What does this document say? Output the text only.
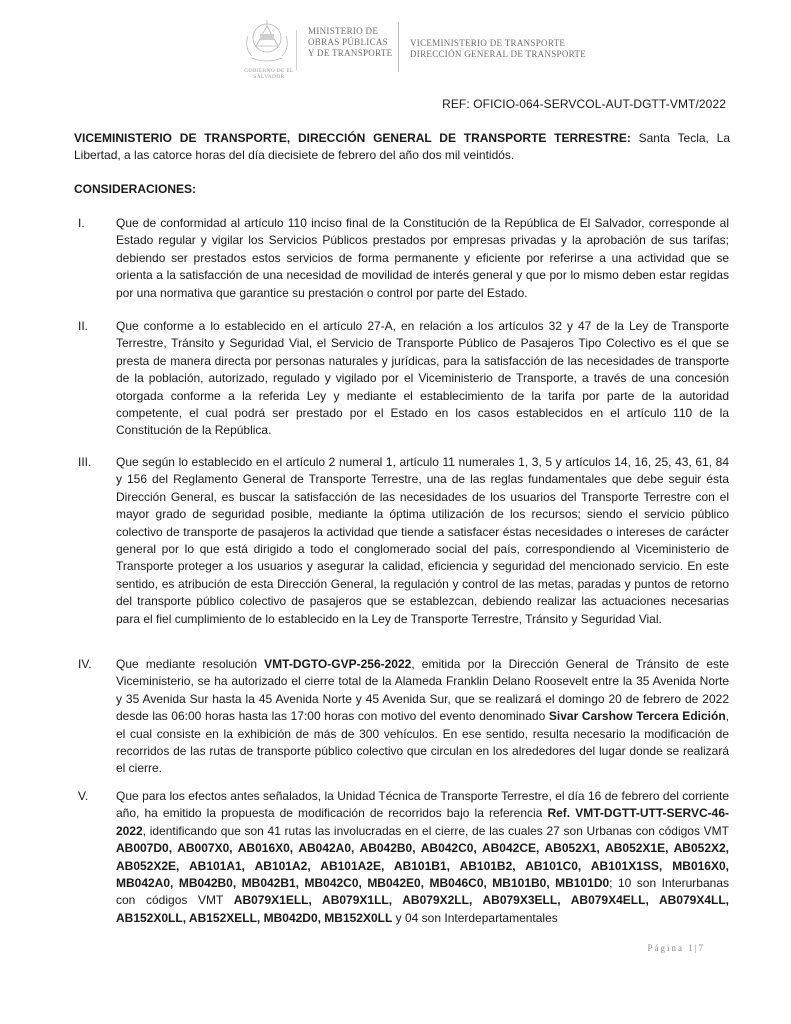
GOBIERNO DE EL SALVADOR
MINISTERIO DE
OBRAS PÚBLICAS
Y DE TRANSPORTE
VICEMINISTERIO DE TRANSPORTE
DIRECCIÓN GENERAL DE TRANSPORTE
REF: OFICIO-064-SERVCOL-AUT-DGTT-VMT/2022
VICEMINISTERIO DE TRANSPORTE, DIRECCIÓN GENERAL DE TRANSPORTE TERRESTRE: Santa Tecla, La Libertad, a las catorce horas del día diecisiete de febrero del año dos mil veintidós.
CONSIDERACIONES:
I.	Que de conformidad al artículo 110 inciso final de la Constitución de la República de El Salvador, corresponde al Estado regular y vigilar los Servicios Públicos prestados por empresas privadas y la aprobación de sus tarifas; debiendo ser prestados estos servicios de forma permanente y eficiente por referirse a una actividad que se orienta a la satisfacción de una necesidad de movilidad de interés general y que por lo mismo deben estar regidas por una normativa que garantice su prestación o control por parte del Estado.
II. Que conforme a lo establecido en el artículo 27-A, en relación a los artículos 32 y 47 de la Ley de Transporte Terrestre, Tránsito y Seguridad Vial, el Servicio de Transporte Público de Pasajeros Tipo Colectivo es el que se presta de manera directa por personas naturales y jurídicas, para la satisfacción de las necesidades de transporte de la población, autorizado, regulado y vigilado por el Viceministerio de Transporte, a través de una concesión otorgada conforme a la referida Ley y mediante el establecimiento de la tarifa por parte de la autoridad competente, el cual podrá ser prestado por el Estado en los casos establecidos en el artículo 110 de la Constitución de la República.
III. Que según lo establecido en el artículo 2 numeral 1, artículo 11 numerales 1, 3, 5 y artículos 14, 16, 25, 43, 61, 84 y 156 del Reglamento General de Transporte Terrestre, una de las reglas fundamentales que debe seguir ésta Dirección General, es buscar la satisfacción de las necesidades de los usuarios del Transporte Terrestre con el mayor grado de seguridad posible, mediante la óptima utilización de los recursos; siendo el servicio público colectivo de transporte de pasajeros la actividad que tiende a satisfacer éstas necesidades o intereses de carácter general por lo que está dirigido a todo el conglomerado social del país, correspondiendo al Viceministerio de Transporte proteger a los usuarios y asegurar la calidad, eficiencia y seguridad del mencionado servicio. En este sentido, es atribución de esta Dirección General, la regulación y control de las metas, paradas y puntos de retorno del transporte público colectivo de pasajeros que se establezcan, debiendo realizar las actuaciones necesarias para el fiel cumplimiento de lo establecido en la Ley de Transporte Terrestre, Tránsito y Seguridad Vial.
IV. Que mediante resolución VMT-DGTO-GVP-256-2022, emitida por la Dirección General de Tránsito de este Viceministerio, se ha autorizado el cierre total de la Alameda Franklin Delano Roosevelt entre la 35 Avenida Norte y 35 Avenida Sur hasta la 45 Avenida Norte y 45 Avenida Sur, que se realizará el domingo 20 de febrero de 2022 desde las 06:00 horas hasta las 17:00 horas con motivo del evento denominado Sivar Carshow Tercera Edición, el cual consiste en la exhibición de más de 300 vehículos. En ese sentido, resulta necesario la modificación de recorridos de las rutas de transporte público colectivo que circulan en los alrededores del lugar donde se realizará el cierre.
V. Que para los efectos antes señalados, la Unidad Técnica de Transporte Terrestre, el día 16 de febrero del corriente año, ha emitido la propuesta de modificación de recorridos bajo la referencia Ref. VMT-DGTT-UTT-SERVC-46-2022, identificando que son 41 rutas las involucradas en el cierre, de las cuales 27 son Urbanas con códigos VMT AB007D0, AB007X0, AB016X0, AB042A0, AB042B0, AB042C0, AB042CE, AB052X1, AB052X1E, AB052X2, AB052X2E, AB101A1, AB101A2, AB101A2E, AB101B1, AB101B2, AB101C0, AB101X1SS, MB016X0, MB042A0, MB042B0, MB042B1, MB042C0, MB042E0, MB046C0, MB101B0, MB101D0; 10 son Interurbanas con códigos VMT AB079X1ELL, AB079X1LL, AB079X2LL, AB079X3ELL, AB079X4ELL, AB079X4LL, AB152X0LL, AB152XELL, MB042D0, MB152X0LL y 04 son Interdepartamentales
Página 1|7
